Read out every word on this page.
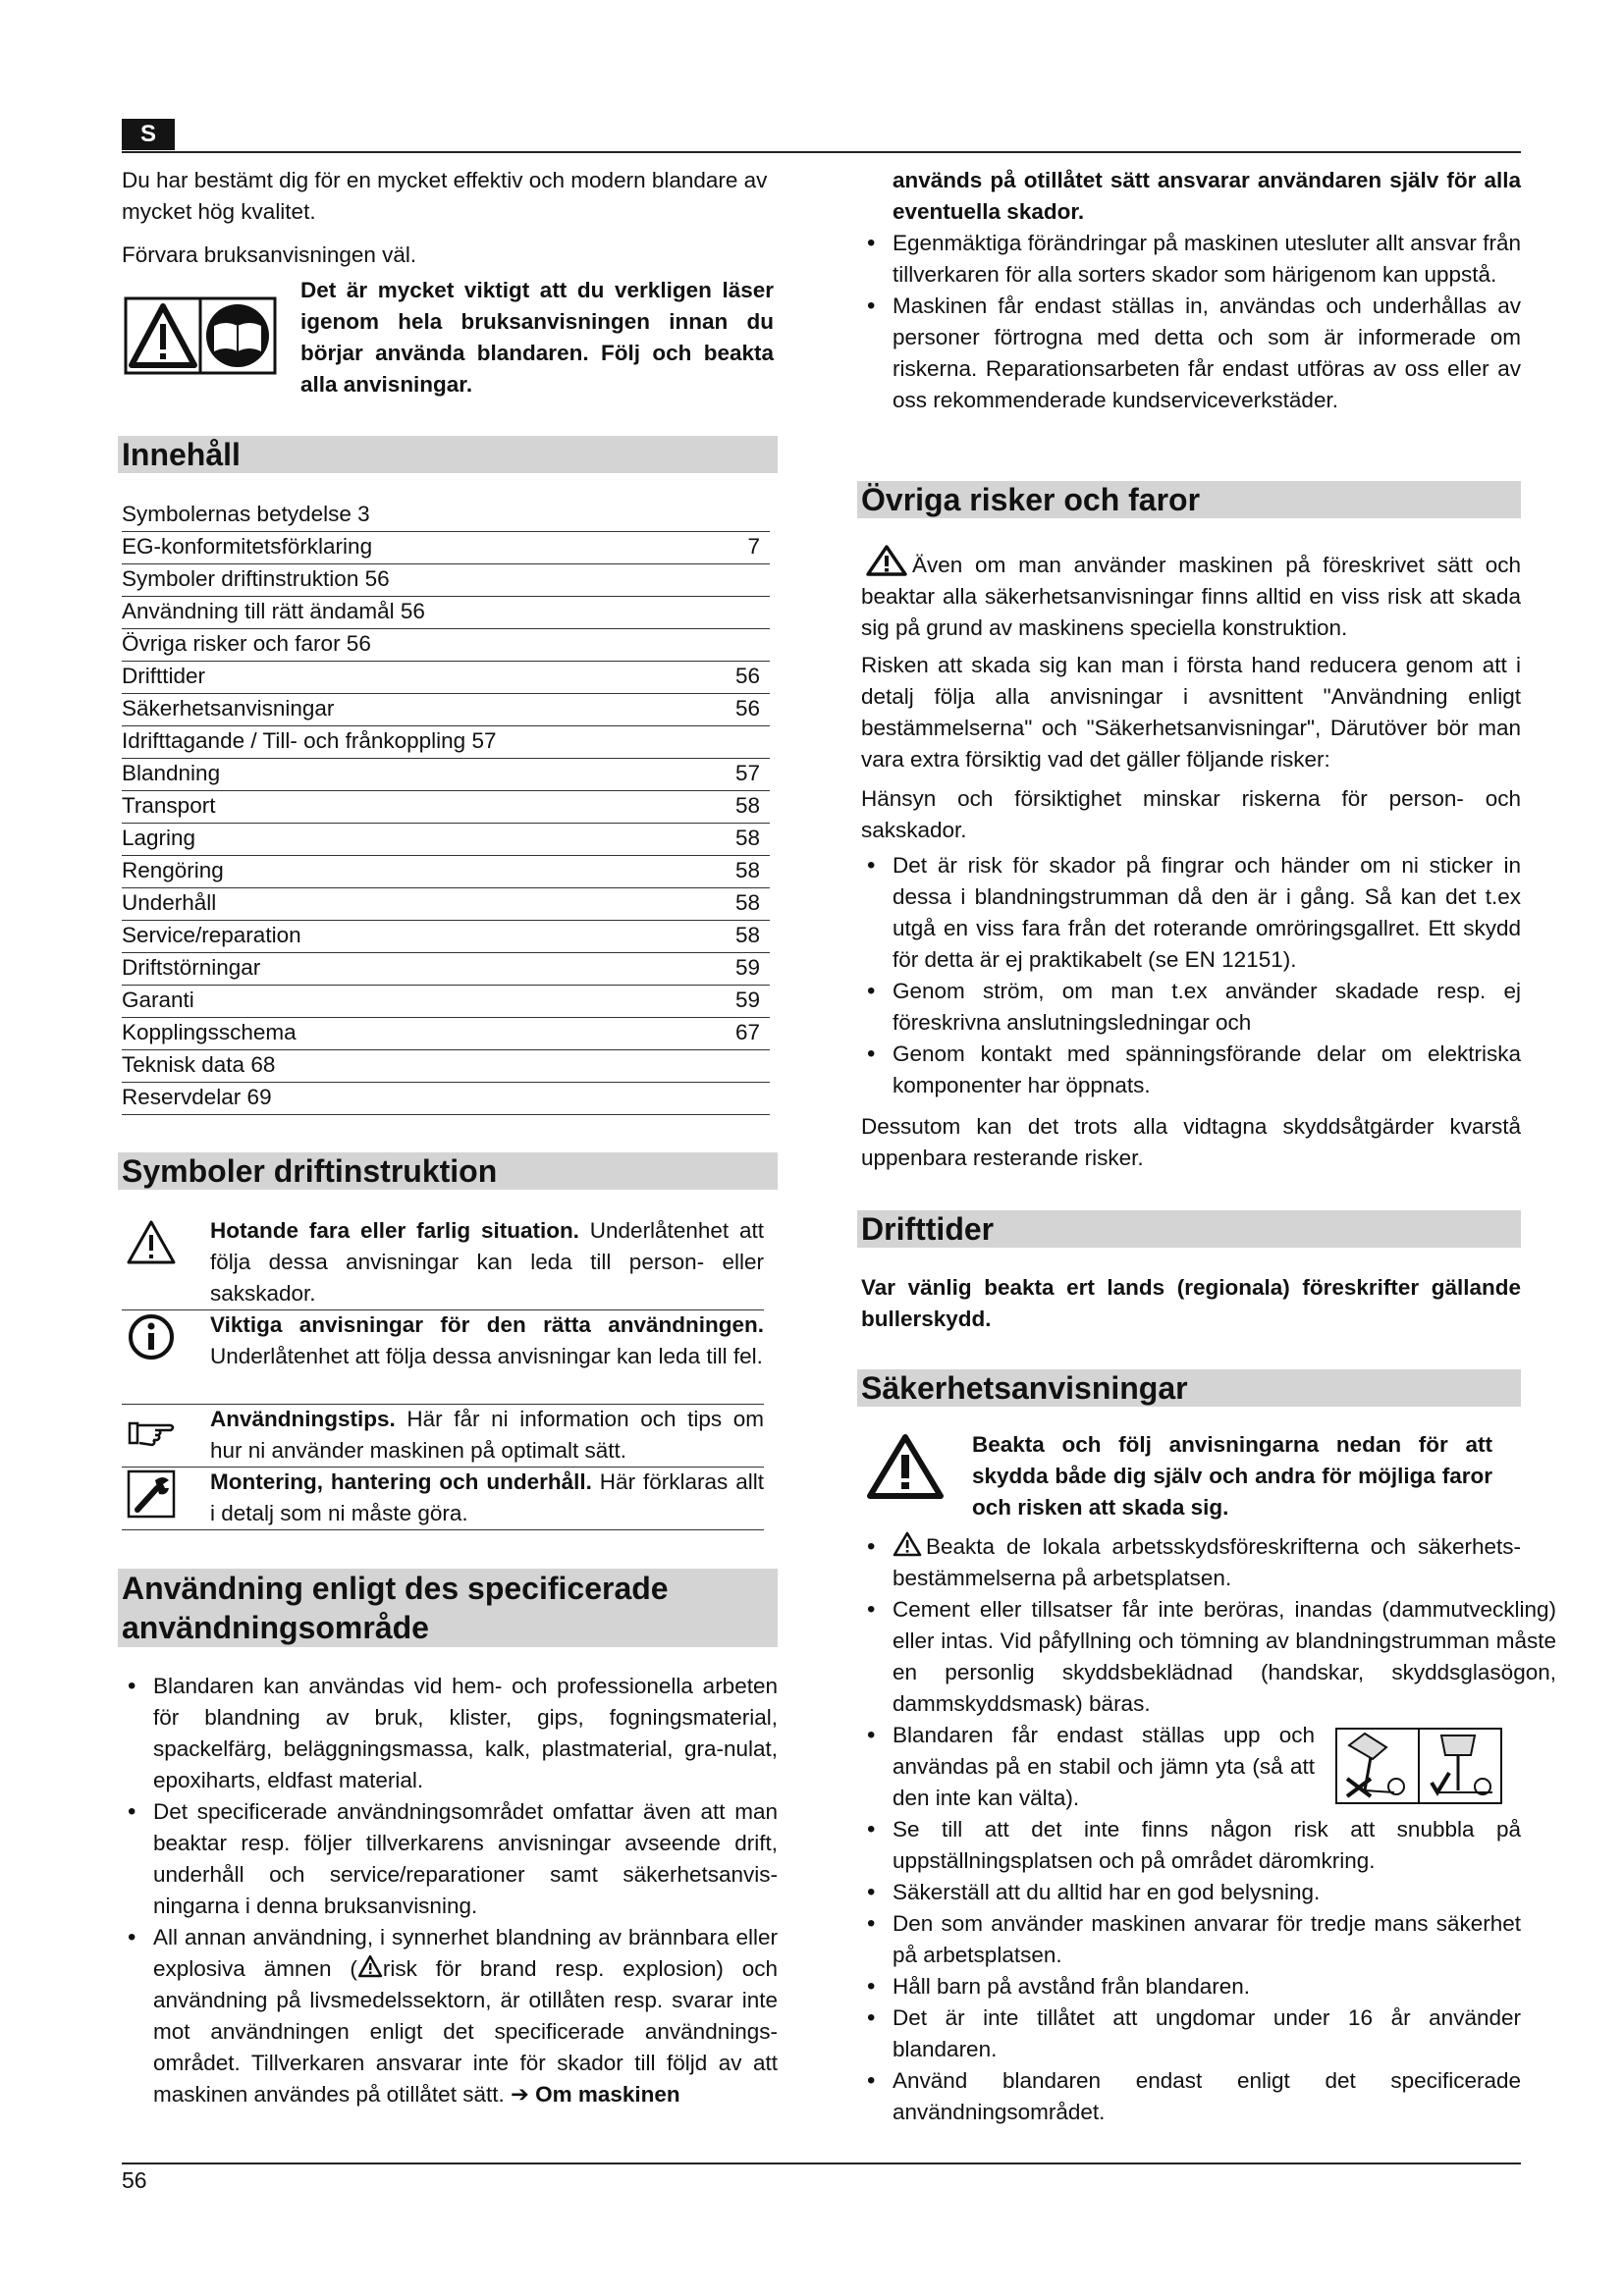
S

Du har bestämt dig för en mycket effektiv och modern blandare av mycket hög kvalitet.

Förvara bruksanvisningen väl.

Det är mycket viktigt att du verkligen läser igenom hela bruksanvisningen innan du börjar använda blandaren. Följ och beakta alla anvisningar.

Innehåll
Symbolernas betydelse 3
EG-konformitetsförklaring	7
Symboler driftinstruktion 56
Användning till rätt ändamål 56
Övriga risker och faror 56
Drifttider	56
Säkerhetsanvisningar	56
Idrifttagande / Till- och frånkoppling 57
Blandning	57
Transport	58
Lagring	58
Rengöring	58
Underhåll	58
Service/reparation	58
Driftstörningar	59
Garanti	59
Kopplingsschema	67
Teknisk data 68
Reservdelar 69
Symboler driftinstruktion

Hotande fara eller farlig situation. Underlåtenhet att följa dessa anvisningar kan leda till person- eller sakskador.

Viktiga anvisningar för den rätta användningen. Underlåtenhet att följa dessa anvisningar kan leda till fel.

Användningstips. Här får ni information och tips om hur ni använder maskinen på optimalt sätt.

Montering, hantering och underhåll. Här förklaras allt i detalj som ni måste göra.

Användning enligt des specificerade
användningsområde
• Blandaren kan användas vid hem- och professionella arbeten för blandning av bruk, klister, gips, fogningsmaterial, spackelfärg, beläggningsmassa, kalk, plastmaterial, gra-nulat, epoxiharts, eldfast material.
• Det specificerade användningsområdet omfattar även att man beaktar resp. följer tillverkarens anvisningar avseende drift, underhåll och service/reparationer samt säkerhetsanvis-ningarna i denna bruksanvisning.
• All annan användning, i synnerhet blandning av brännbara eller explosiva ämnen ( risk för brand resp. explosion) och användning på livsmedelssektorn, är otillåten resp. svarar inte mot användningen enligt det specificerade användnings-området. Tillverkaren ansvarar inte för skador till följd av att maskinen användes på otillåtet sätt. ➔ Om maskinen

används på otillåtet sätt ansvarar användaren själv för alla eventuella skador.

• Egenmäktiga förändringar på maskinen utesluter allt ansvar från tillverkaren för alla sorters skador som härigenom kan uppstå.
• Maskinen får endast ställas in, användas och underhållas av personer förtrogna med detta och som är informerade om riskerna. Reparationsarbeten får endast utföras av oss eller av oss rekommenderade kundserviceverkstäder.
Övriga risker och faror

Även om man använder maskinen på föreskrivet sätt och beaktar alla säkerhetsanvisningar finns alltid en viss risk att skada sig på grund av maskinens speciella konstruktion.

Risken att skada sig kan man i första hand reducera genom att i detalj följa alla anvisningar i avsnittent "Användning enligt bestämmelserna" och "Säkerhetsanvisningar", Därutöver bör man vara extra försiktig vad det gäller följande risker:

Hänsyn och försiktighet minskar riskerna för person- och sakskador.

• Det är risk för skador på fingrar och händer om ni sticker in dessa i blandningstrumman då den är i gång. Så kan det t.ex utgå en viss fara från det roterande omröringsgallret. Ett skydd för detta är ej praktikabelt (se EN 12151).
• Genom ström, om man t.ex använder skadade resp. ej föreskrivna anslutningsledningar och
• Genom kontakt med spänningsförande delar om elektriska komponenter har öppnats.

Dessutom kan det trots alla vidtagna skyddsåtgärder kvarstå uppenbara resterande risker.

Drifttider

Var vänlig beakta ert lands (regionala) föreskrifter gällande bullerskydd.

Säkerhetsanvisningar

Beakta och följ anvisningarna nedan för att skydda både dig själv och andra för möjliga faror och risken att skada sig.

• Beakta de lokala arbetsskydsföreskrifterna och säkerhets-bestämmelserna på arbetsplatsen.
• Cement eller tillsatser får inte beröras, inandas (dammutveckling) eller intas. Vid påfyllning och tömning av blandningstrumman måste en personlig skyddsbeklädnad (handskar, skyddsglasögon, dammskyddsmask) bäras.
• Blandaren får endast ställas upp och användas på en stabil och jämn yta (så att den inte kan välta).
• Se till att det inte finns någon risk att snubbla på uppställningsplatsen och på området däromkring.
• Säkerställ att du alltid har en god belysning.
• Den som använder maskinen anvarar för tredje mans säkerhet på arbetsplatsen.
• Håll barn på avstånd från blandaren.
• Det är inte tillåtet att ungdomar under 16 år använder blandaren.
• Använd blandaren endast enligt det specificerade användningsområdet.
56
